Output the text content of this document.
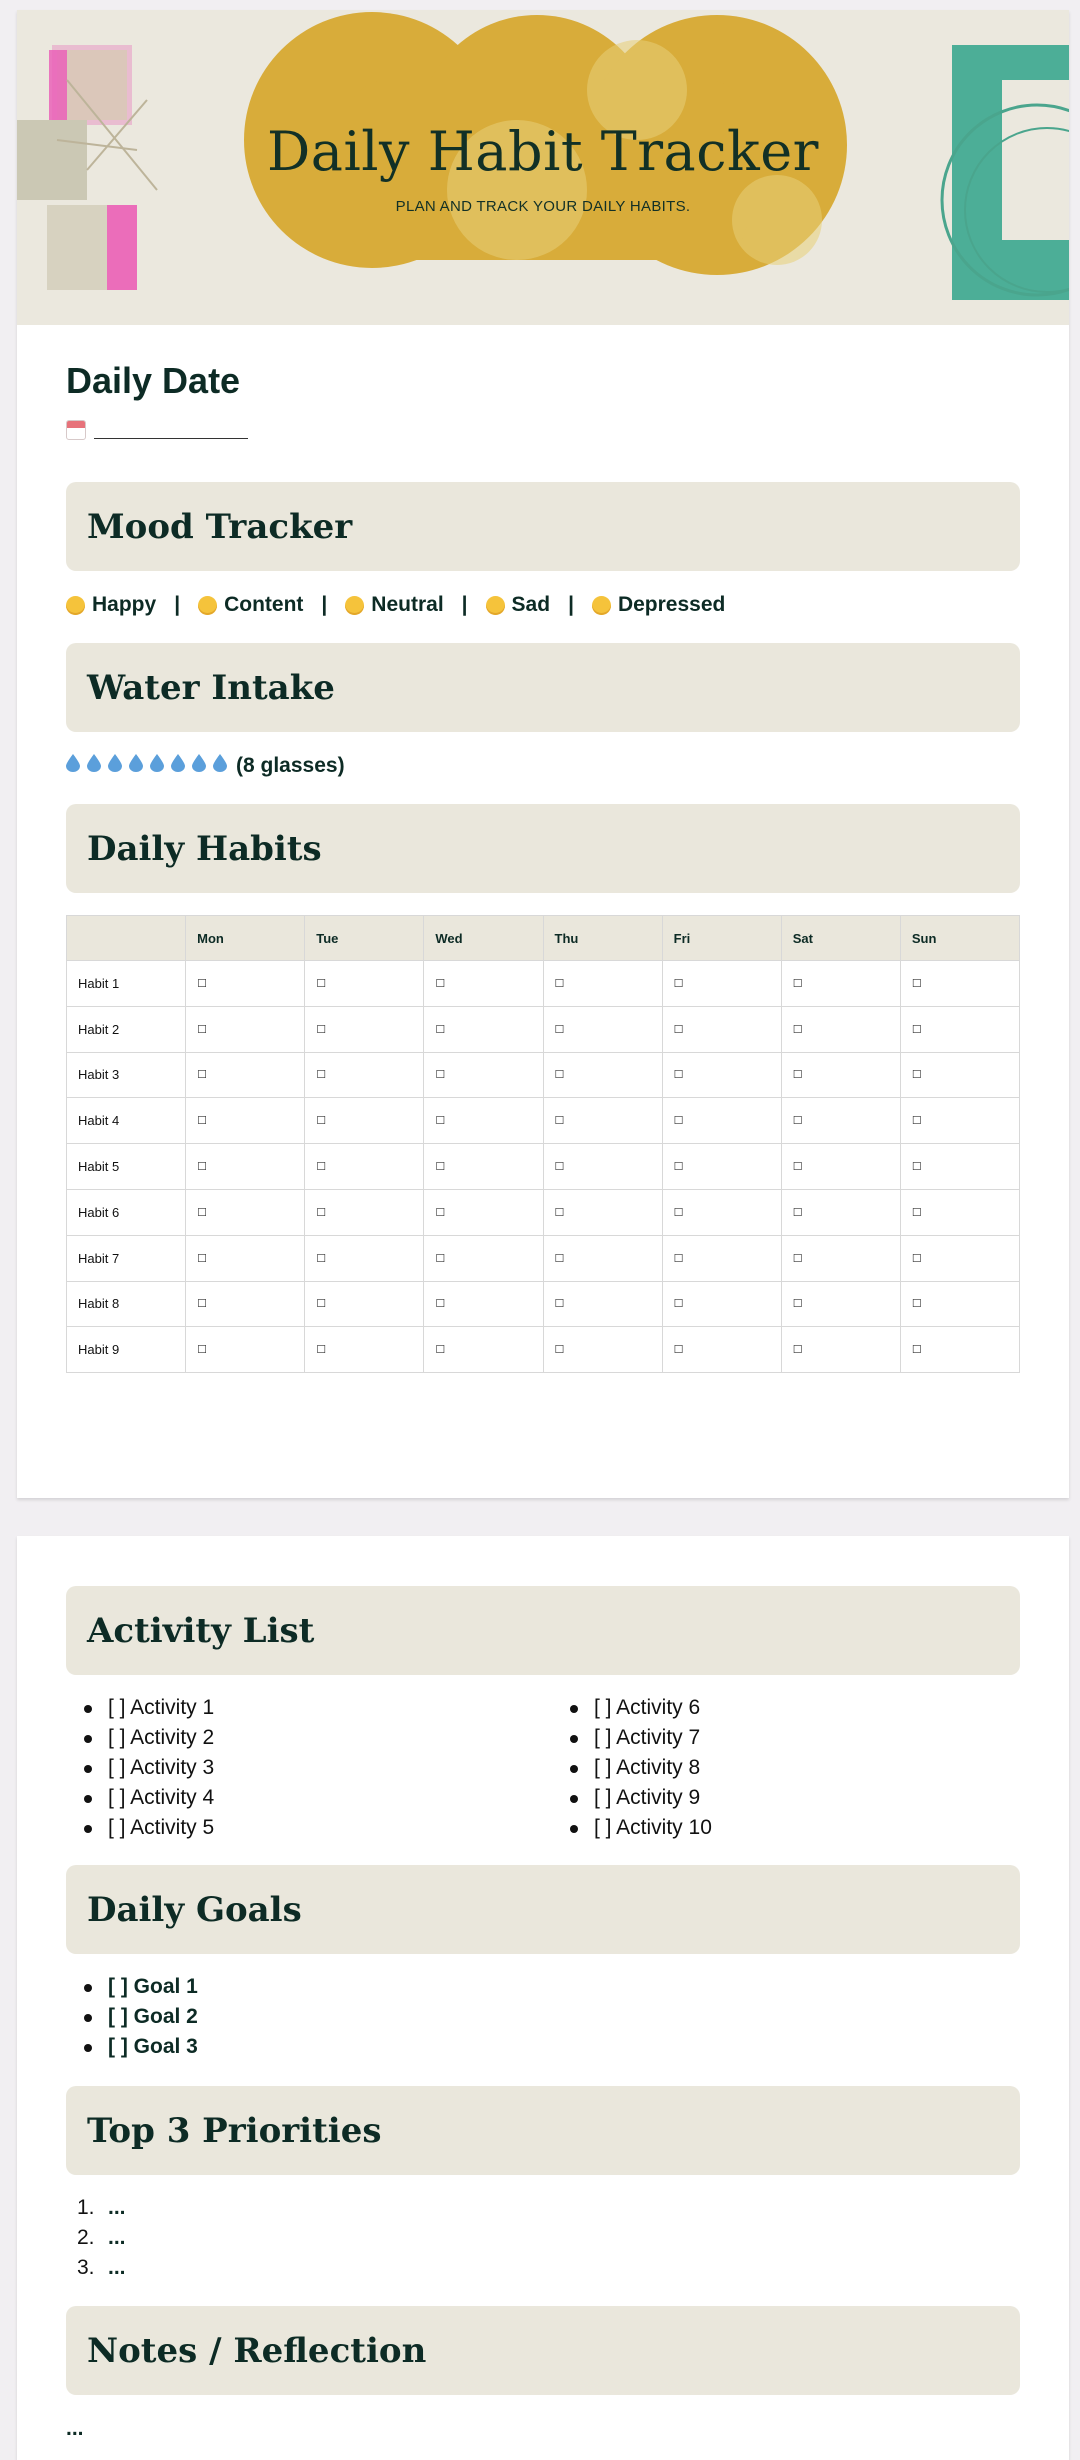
Daily Habit Tracker
PLAN AND TRACK YOUR DAILY HABITS.
Daily Date
Mood Tracker
Happy | Content | Neutral | Sad | Depressed
Water Intake
(8 glasses)
Daily Habits
	Mon	Tue	Wed	Thu	Fri	Sat	Sun
Habit 1	☐	☐	☐	☐	☐	☐	☐
Habit 2	☐	☐	☐	☐	☐	☐	☐
Habit 3	☐	☐	☐	☐	☐	☐	☐
Habit 4	☐	☐	☐	☐	☐	☐	☐
Habit 5	☐	☐	☐	☐	☐	☐	☐
Habit 6	☐	☐	☐	☐	☐	☐	☐
Habit 7	☐	☐	☐	☐	☐	☐	☐
Habit 8	☐	☐	☐	☐	☐	☐	☐
Habit 9	☐	☐	☐	☐	☐	☐	☐
Activity List
[ ] Activity 1
[ ] Activity 2
[ ] Activity 3
[ ] Activity 4
[ ] Activity 5
[ ] Activity 6
[ ] Activity 7
[ ] Activity 8
[ ] Activity 9
[ ] Activity 10
Daily Goals
[ ] Goal 1
[ ] Goal 2
[ ] Goal 3
Top 3 Priorities
1. ...
2. ...
3. ...
Notes / Reflection
...
